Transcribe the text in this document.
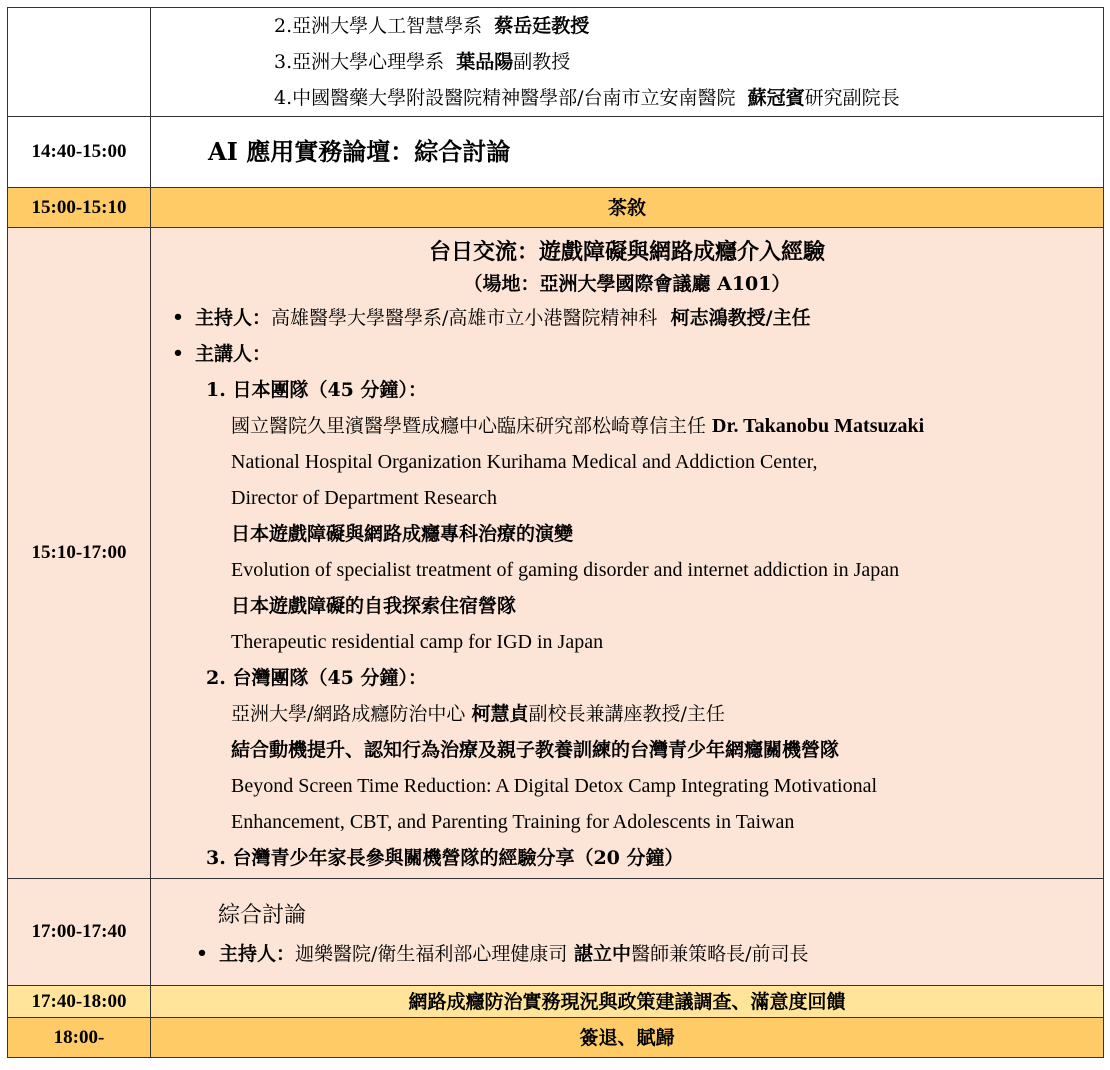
	2.亞洲大學人工智慧學系 蔡岳廷教授
3.亞洲大學心理學系 葉品陽副教授
4.中國醫藥大學附設醫院精神醫學部/台南市立安南醫院 蘇冠賓研究副院長

14:40-15:00	AI 應用實務論壇：綜合討論

15:00-15:10	茶敘

15:10-17:00	
台日交流：遊戲障礙與網路成癮介入經驗
（場地：亞洲大學國際會議廳 A101）
• 主持人： 高雄醫學大學醫學系/高雄市立小港醫院精神科
柯志鴻教授/主任
• 主講人：
1. 日本團隊（45 分鐘）：
國立醫院久里濱醫學暨成癮中心臨床研究部松崎尊信主任 Dr. Takanobu Matsuzaki
National Hospital Organization Kurihama Medical and Addiction Center,
Director of Department Research
日本遊戲障礙與網路成癮專科治療的演變
Evolution of specialist treatment of gaming disorder and internet addiction in Japan
日本遊戲障礙的自我探索住宿營隊
Therapeutic residential camp for IGD in Japan
2. 台灣團隊（45 分鐘）：
亞洲大學/網路成癮防治中心 柯慧貞副校長兼講座教授/主任
結合動機提升、認知行為治療及親子教養訓練的台灣青少年網癮關機營隊
Beyond Screen Time Reduction: A Digital Detox Camp Integrating Motivational
Enhancement, CBT, and Parenting Training for Adolescents in Taiwan
3. 台灣青少年家長參與關機營隊的經驗分享（20 分鐘）

17:00-17:40	
綜合討論
• 主持人： 迦樂醫院/衛生福利部心理健康司
諶立中 醫師兼策略長/前司長

17:40-18:00	網路成癮防治實務現況與政策建議調查、滿意度回饋

18:00-	簽退、賦歸
